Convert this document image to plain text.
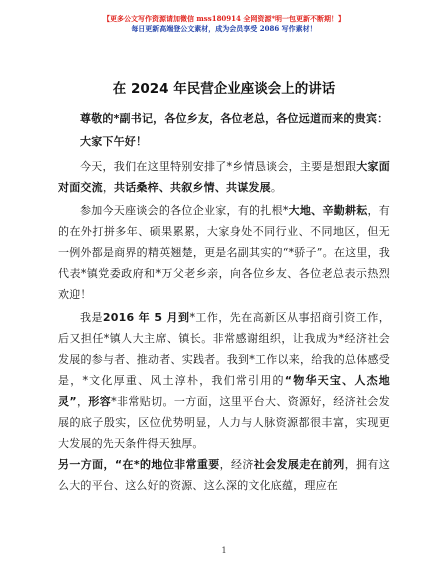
【更多公文写作资源请加微信 mss180914 全网资源*明一包更新不断期！】
每日更新高端登公文素材，成为会员享受 2086 写作素材！
在 2024 年民营企业座谈会上的讲话

尊敬的*副书记，各位乡友，各位老总，各位远道而来的贵宾：

大家下午好！

今天，我们在这里特别安排了*乡情恳谈会，主要是想跟大家面对面交流，共话桑梓、共叙乡情、共谋发展。

参加今天座谈会的各位企业家，有的扎根*大地、辛勤耕耘，有的在外打拼多年、硕果累累，大家身处不同行业、不同地区，但无一例外都是商界的精英翘楚，更是名副其实的“*骄子”。在这里，我代表*镇党委政府和*万父老乡亲，向各位乡友、各位老总表示热烈欢迎！

我是2016 年 5 月到*工作，先在高新区从事招商引资工作，后又担任*镇人大主席、镇长。非常感谢组织，让我成为*经济社会发展的参与者、推动者、实践者。我到*工作以来，给我的总体感受是，*文化厚重、风土淳朴，我们常引用的“物华天宝、人杰地灵”，形容*非常贴切。一方面，这里平台大、资源好，经济社会发展的底子殷实，区位优势明显，人力与人脉资源都很丰富，实现更大发展的先天条件得天独厚。

另一方面，“在*的地位非常重要，经济社会发展走在前列，拥有这么大的平台、这么好的资源、这么深的文化底蕴，理应在

1
